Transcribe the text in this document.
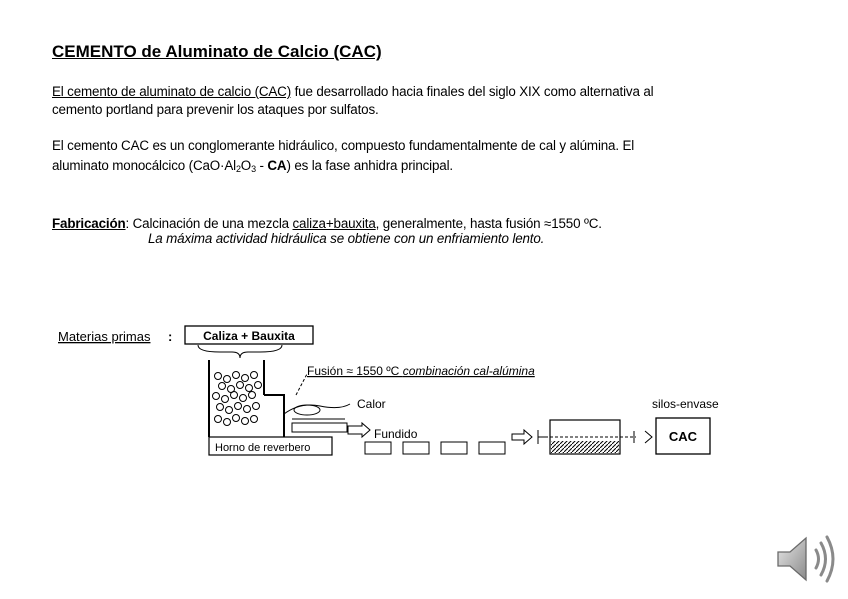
CEMENTO de Aluminato de Calcio (CAC)
El cemento de aluminato de calcio (CAC) fue desarrollado hacia finales del siglo XIX como alternativa al
cemento portland para prevenir los ataques por sulfatos.
El cemento CAC es un conglomerante hidráulico, compuesto fundamentalmente de cal y alúmina. El
aluminato monocálcico $(CaO\cdot Al_2O_3 - CA)$ es la fase anhidra principal.
Fabricación: Calcinación de una mezcla caliza+bauxita, generalmente, hasta fusión ≈1550 ºC.
La máxima actividad hidráulica se obtiene con un enfriamiento lento.
Materias primas :	Caliza + Bauxita
Horno de reverbero
Fusión ≈ 1550 ºC combinación cal-alúmina
Calor
Fundido
silos-envase
CAC
